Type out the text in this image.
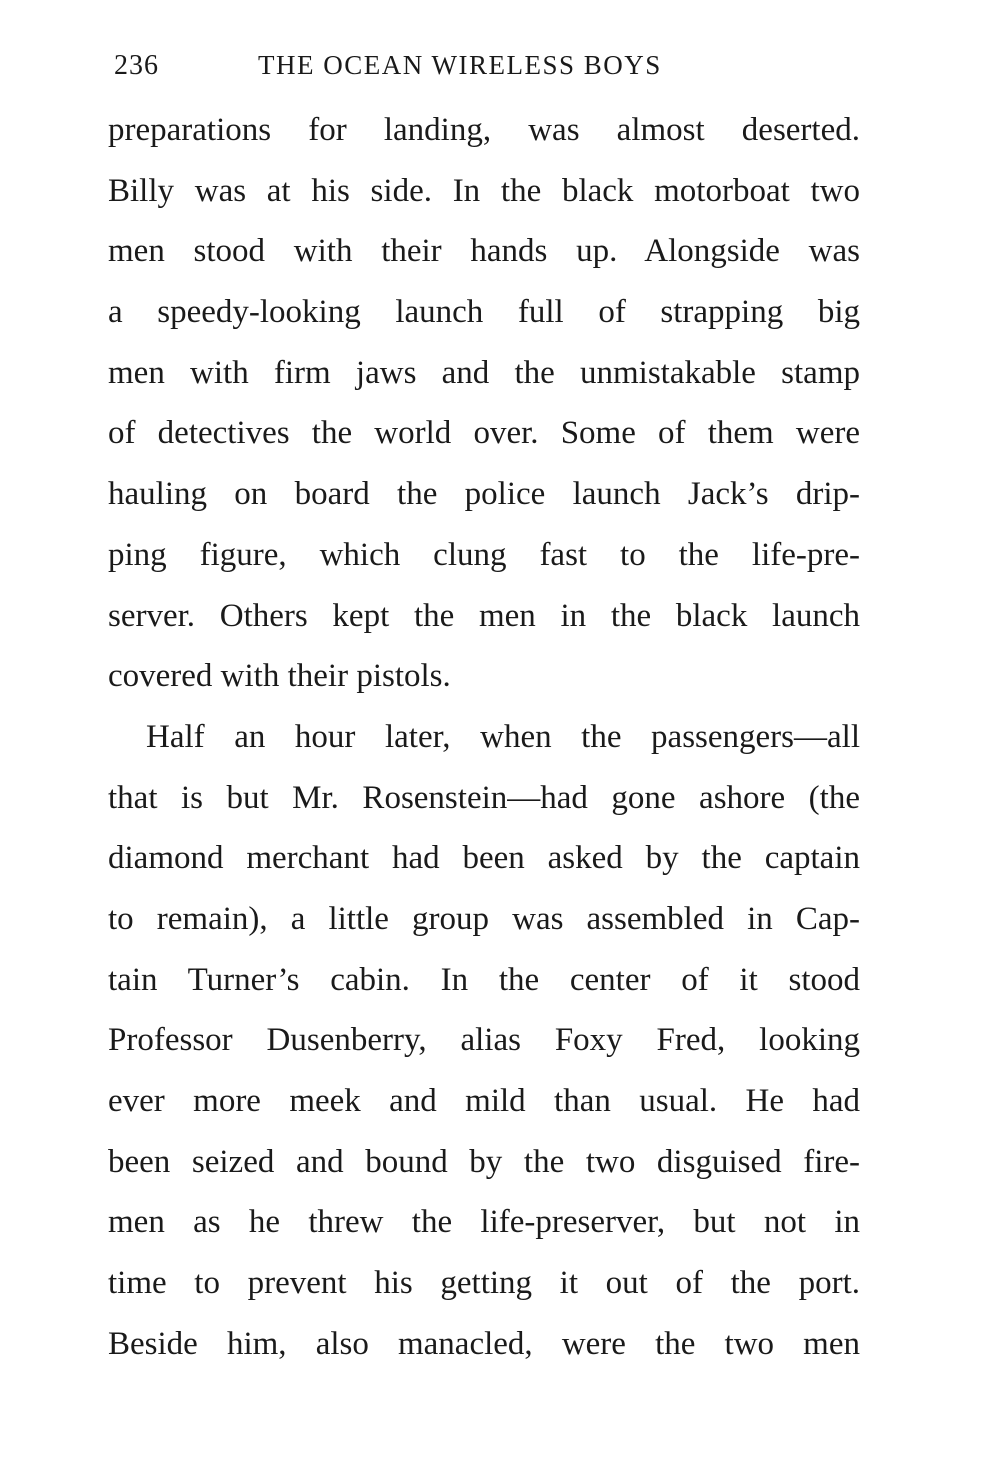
236	THE OCEAN WIRELESS BOYS
preparations for landing, was almost deserted.
Billy was at his side. In the black motorboat two
men stood with their hands up. Alongside was
a speedy-looking launch full of strapping big
men with firm jaws and the unmistakable stamp
of detectives the world over. Some of them were
hauling on board the police launch Jack’s drip-
ping figure, which clung fast to the life-pre-
server. Others kept the men in the black launch
covered with their pistols.
Half an hour later, when the passengers—all
that is but Mr. Rosenstein—had gone ashore (the
diamond merchant had been asked by the captain
to remain), a little group was assembled in Cap-
tain Turner’s cabin. In the center of it stood
Professor Dusenberry, alias Foxy Fred, looking
ever more meek and mild than usual. He had
been seized and bound by the two disguised fire-
men as he threw the life-preserver, but not in
time to prevent his getting it out of the port.
Beside him, also manacled, were the two men
